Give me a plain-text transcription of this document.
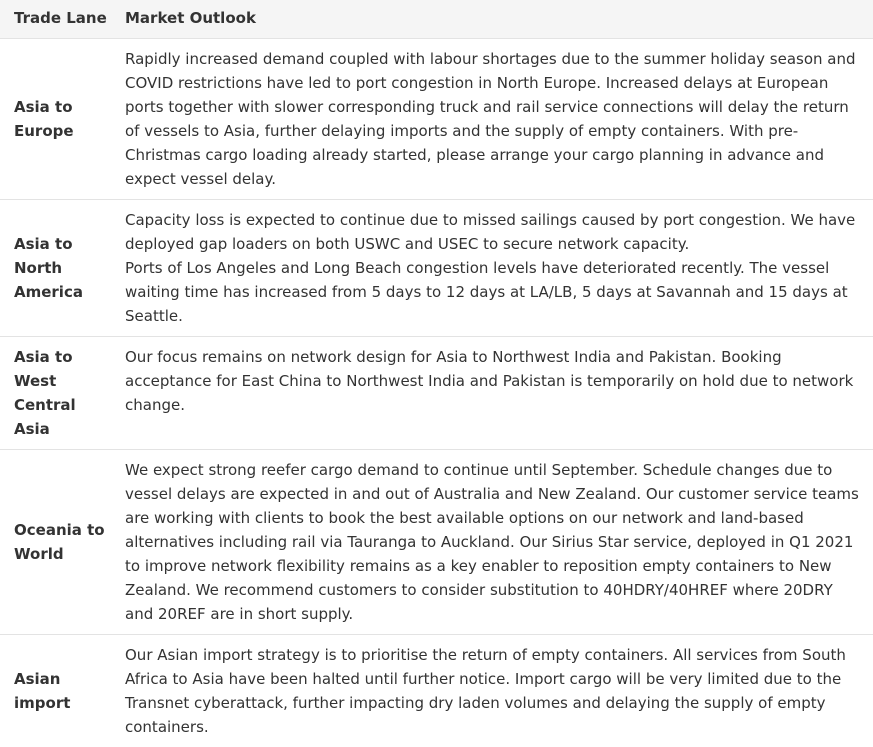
Trade Lane	Market Outlook
Asia to Europe	Rapidly increased demand coupled with labour shortages due to the summer holiday season and COVID restrictions have led to port congestion in North Europe. Increased delays at European ports together with slower corresponding truck and rail service connections will delay the return of vessels to Asia, further delaying imports and the supply of empty containers. With pre-Christmas cargo loading already started, please arrange your cargo planning in advance and expect vessel delay.

Asia to North America	Capacity loss is expected to continue due to missed sailings caused by port congestion. We have deployed gap loaders on both USWC and USEC to secure network capacity.
Ports of Los Angeles and Long Beach congestion levels have deteriorated recently. The vessel waiting time has increased from 5 days to 12 days at LA/LB, 5 days at Savannah and 15 days at Seattle.

Asia to West Central Asia	Our focus remains on network design for Asia to Northwest India and Pakistan. Booking acceptance for East China to Northwest India and Pakistan is temporarily on hold due to network change.

Oceania to World	We expect strong reefer cargo demand to continue until September. Schedule changes due to vessel delays are expected in and out of Australia and New Zealand. Our customer service teams are working with clients to book the best available options on our network and land-based alternatives including rail via Tauranga to Auckland. Our Sirius Star service, deployed in Q1 2021 to improve network flexibility remains as a key enabler to reposition empty containers to New Zealand. We recommend customers to consider substitution to 40HDRY/40HREF where 20DRY and 20REF are in short supply.

Asian import	Our Asian import strategy is to prioritise the return of empty containers. All services from South Africa to Asia have been halted until further notice. Import cargo will be very limited due to the Transnet cyberattack, further impacting dry laden volumes and delaying the supply of empty containers.
